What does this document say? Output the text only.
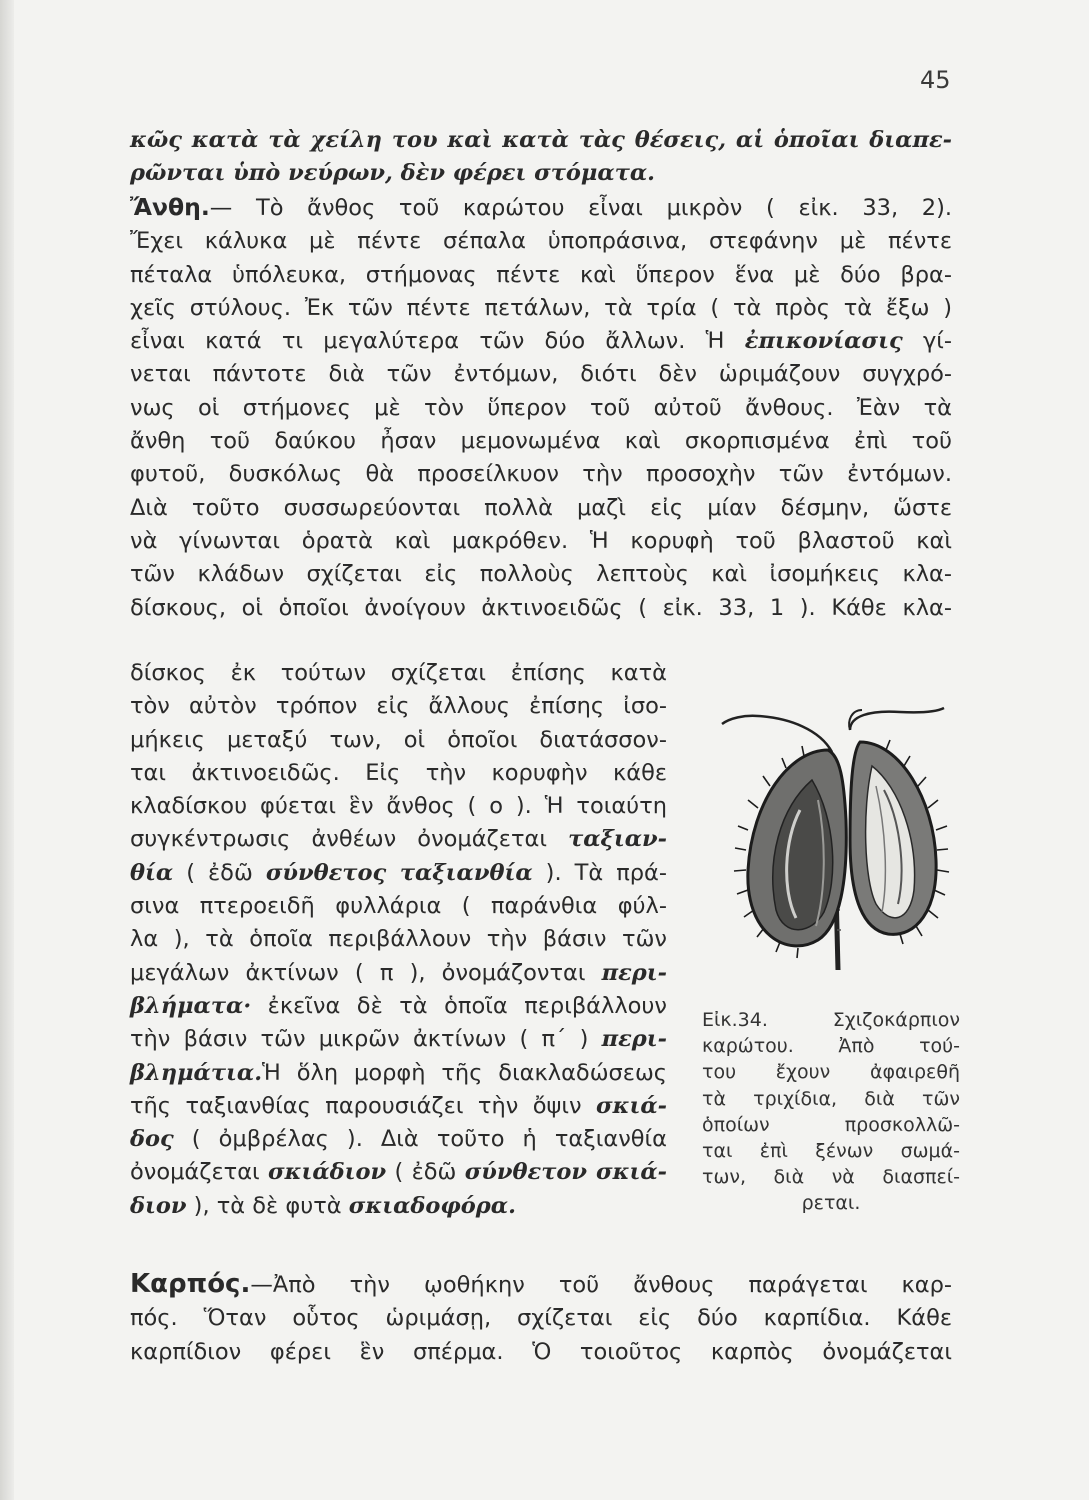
45
κῶς κατὰ τὰ χείλη του καὶ κατὰ τὰς θέσεις, αἱ ὁποῖαι διαπε-
ρῶνται ὑπὸ νεύρων, δὲν φέρει στόματα.
Ἄνθη.— Τὸ ἄνθος τοῦ καρώτου εἶναι μικρὸν ( εἰκ. 33, 2).
Ἔχει κάλυκα μὲ πέντε σέπαλα ὑποπράσινα, στεφάνην μὲ πέντε
πέταλα ὑπόλευκα, στήμονας πέντε καὶ ὕπερον ἕνα μὲ δύο βρα-
χεῖς στύλους. Ἐκ τῶν πέντε πετάλων, τὰ τρία ( τὰ πρὸς τὰ ἔξω )
εἶναι κατά τι μεγαλύτερα τῶν δύο ἄλλων. Ἡ ἐπικονίασις γί-
νεται πάντοτε διὰ τῶν ἐντόμων, διότι δὲν ὡριμάζουν συγχρό-
νως οἱ στήμονες μὲ τὸν ὕπερον τοῦ αὐτοῦ ἄνθους. Ἐὰν τὰ
ἄνθη τοῦ δαύκου ἦσαν μεμονωμένα καὶ σκορπισμένα ἐπὶ τοῦ
φυτοῦ, δυσκόλως θὰ προσείλκυον τὴν προσοχὴν τῶν ἐντόμων.
Διὰ τοῦτο συσσωρεύονται πολλὰ μαζὶ εἰς μίαν δέσμην, ὥστε
νὰ γίνωνται ὁρατὰ καὶ μακρόθεν. Ἡ κορυφὴ τοῦ βλαστοῦ καὶ
τῶν κλάδων σχίζεται εἰς πολλοὺς λεπτοὺς καὶ ἰσομήκεις κλα-
δίσκους, οἱ ὁποῖοι ἀνοίγουν ἀκτινοειδῶς ( εἰκ. 33, 1 ). Κάθε κλα-
δίσκος ἐκ τούτων σχίζεται ἐπίσης κατὰ
τὸν αὐτὸν τρόπον εἰς ἄλλους ἐπίσης ἰσο-
μήκεις μεταξύ των, οἱ ὁποῖοι διατάσσον-
ται ἀκτινοειδῶς. Εἰς τὴν κορυφὴν κάθε
κλαδίσκου φύεται ἓν ἄνθος ( ο ). Ἡ τοιαύτη
συγκέντρωσις ἀνθέων ὀνομάζεται ταξιαν-
θία ( ἐδῶ σύνθετος ταξιανθία ). Τὰ πρά-
σινα πτεροειδῆ φυλλάρια ( παράνθια φύλ-
λα ), τὰ ὁποῖα περιβάλλουν τὴν βάσιν τῶν
μεγάλων ἀκτίνων ( π ), ὀνομάζονται περι-
βλήματα· ἐκεῖνα δὲ τὰ ὁποῖα περιβάλλουν
τὴν βάσιν τῶν μικρῶν ἀκτίνων ( π΄ ) περι-
βλημάτια.Ἡ ὅλη μορφὴ τῆς διακλαδώσεως
τῆς ταξιανθίας παρουσιάζει τὴν ὄψιν σκιά-
δος ( ὀμβρέλας ). Διὰ τοῦτο ἡ ταξιανθία
ὀνομάζεται σκιάδιον ( ἐδῶ σύνθετον σκιά-
διον ), τὰ δὲ φυτὰ σκιαδοφόρα.
Εἰκ.34. Σχιζοκάρπιον
καρώτου. Ἀπὸ τού-
του ἔχουν ἀφαιρεθῆ
τὰ τριχίδια, διὰ τῶν
ὁποίων προσκολλῶ-
ται ἐπὶ ξένων σωμά-
των, διὰ νὰ διασπεί-
ρεται.
Καρπός.—Ἀπὸ τὴν ῳοθήκην τοῦ ἄνθους παράγεται καρ-
πός. Ὅταν οὗτος ὡριμάσῃ, σχίζεται εἰς δύο καρπίδια. Κάθε
καρπίδιον φέρει ἓν σπέρμα. Ὁ τοιοῦτος καρπὸς ὀνομάζεται
